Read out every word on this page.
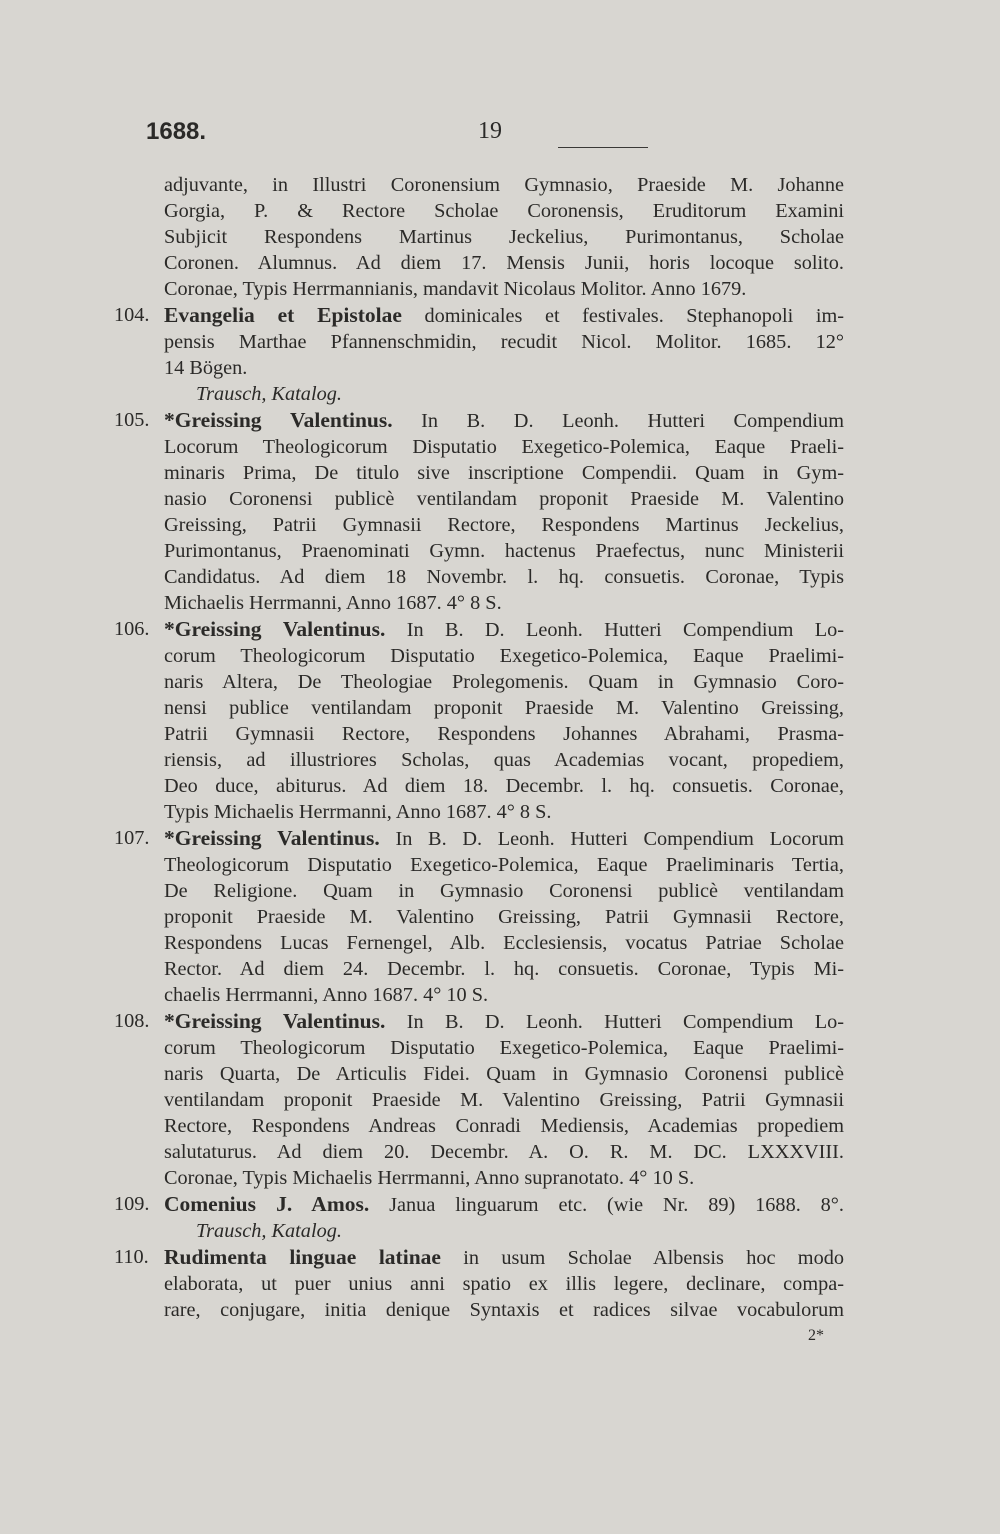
1688.	19
adjuvante, in Illustri Coronensium Gymnasio, Praeside M. Johanne
Gorgia, P. & Rectore Scholae Coronensis, Eruditorum Examini
Subjicit Respondens Martinus Jeckelius, Purimontanus, Scholae
Coronen. Alumnus. Ad diem 17. Mensis Junii, horis locoque solito.
Coronae, Typis Herrmannianis, mandavit Nicolaus Molitor. Anno 1679.
104. Evangelia et Epistolae dominicales et festivales. Stephanopoli im-
pensis Marthae Pfannenschmidin, recudit Nicol. Molitor. 1685. 12°
14 Bögen.
Trausch, Katalog.
105. *Greissing Valentinus. In B. D. Leonh. Hutteri Compendium
Locorum Theologicorum Disputatio Exegetico-Polemica, Eaque Praeli-
minaris Prima, De titulo sive inscriptione Compendii. Quam in Gym-
nasio Coronensi publicè ventilandam proponit Praeside M. Valentino
Greissing, Patrii Gymnasii Rectore, Respondens Martinus Jeckelius,
Purimontanus, Praenominati Gymn. hactenus Praefectus, nunc Ministerii
Candidatus. Ad diem 18 Novembr. l. hq. consuetis. Coronae, Typis
Michaelis Herrmanni, Anno 1687. 4° 8 S.
106. *Greissing Valentinus. In B. D. Leonh. Hutteri Compendium Lo-
corum Theologicorum Disputatio Exegetico-Polemica, Eaque Praelimi-
naris Altera, De Theologiae Prolegomenis. Quam in Gymnasio Coro-
nensi publice ventilandam proponit Praeside M. Valentino Greissing,
Patrii Gymnasii Rectore, Respondens Johannes Abrahami, Prasma-
riensis, ad illustriores Scholas, quas Academias vocant, propediem,
Deo duce, abiturus. Ad diem 18. Decembr. l. hq. consuetis. Coronae,
Typis Michaelis Herrmanni, Anno 1687. 4° 8 S.
107. *Greissing Valentinus. In B. D. Leonh. Hutteri Compendium Locorum
Theologicorum Disputatio Exegetico-Polemica, Eaque Praeliminaris Tertia,
De Religione. Quam in Gymnasio Coronensi publicè ventilandam
proponit Praeside M. Valentino Greissing, Patrii Gymnasii Rectore,
Respondens Lucas Fernengel, Alb. Ecclesiensis, vocatus Patriae Scholae
Rector. Ad diem 24. Decembr. l. hq. consuetis. Coronae, Typis Mi-
chaelis Herrmanni, Anno 1687. 4° 10 S.
108. *Greissing Valentinus. In B. D. Leonh. Hutteri Compendium Lo-
corum Theologicorum Disputatio Exegetico-Polemica, Eaque Praelimi-
naris Quarta, De Articulis Fidei. Quam in Gymnasio Coronensi publicè
ventilandam proponit Praeside M. Valentino Greissing, Patrii Gymnasii
Rectore, Respondens Andreas Conradi Mediensis, Academias propediem
salutaturus. Ad diem 20. Decembr. A. O. R. M. DC. LXXXVIII.
Coronae, Typis Michaelis Herrmanni, Anno supranotato. 4° 10 S.
109. Comenius J. Amos. Janua linguarum etc. (wie Nr. 89) 1688. 8°.
Trausch, Katalog.
110. Rudimenta linguae latinae in usum Scholae Albensis hoc modo
elaborata, ut puer unius anni spatio ex illis legere, declinare, compa-
rare, conjugare, initia denique Syntaxis et radices silvae vocabulorum
2*
